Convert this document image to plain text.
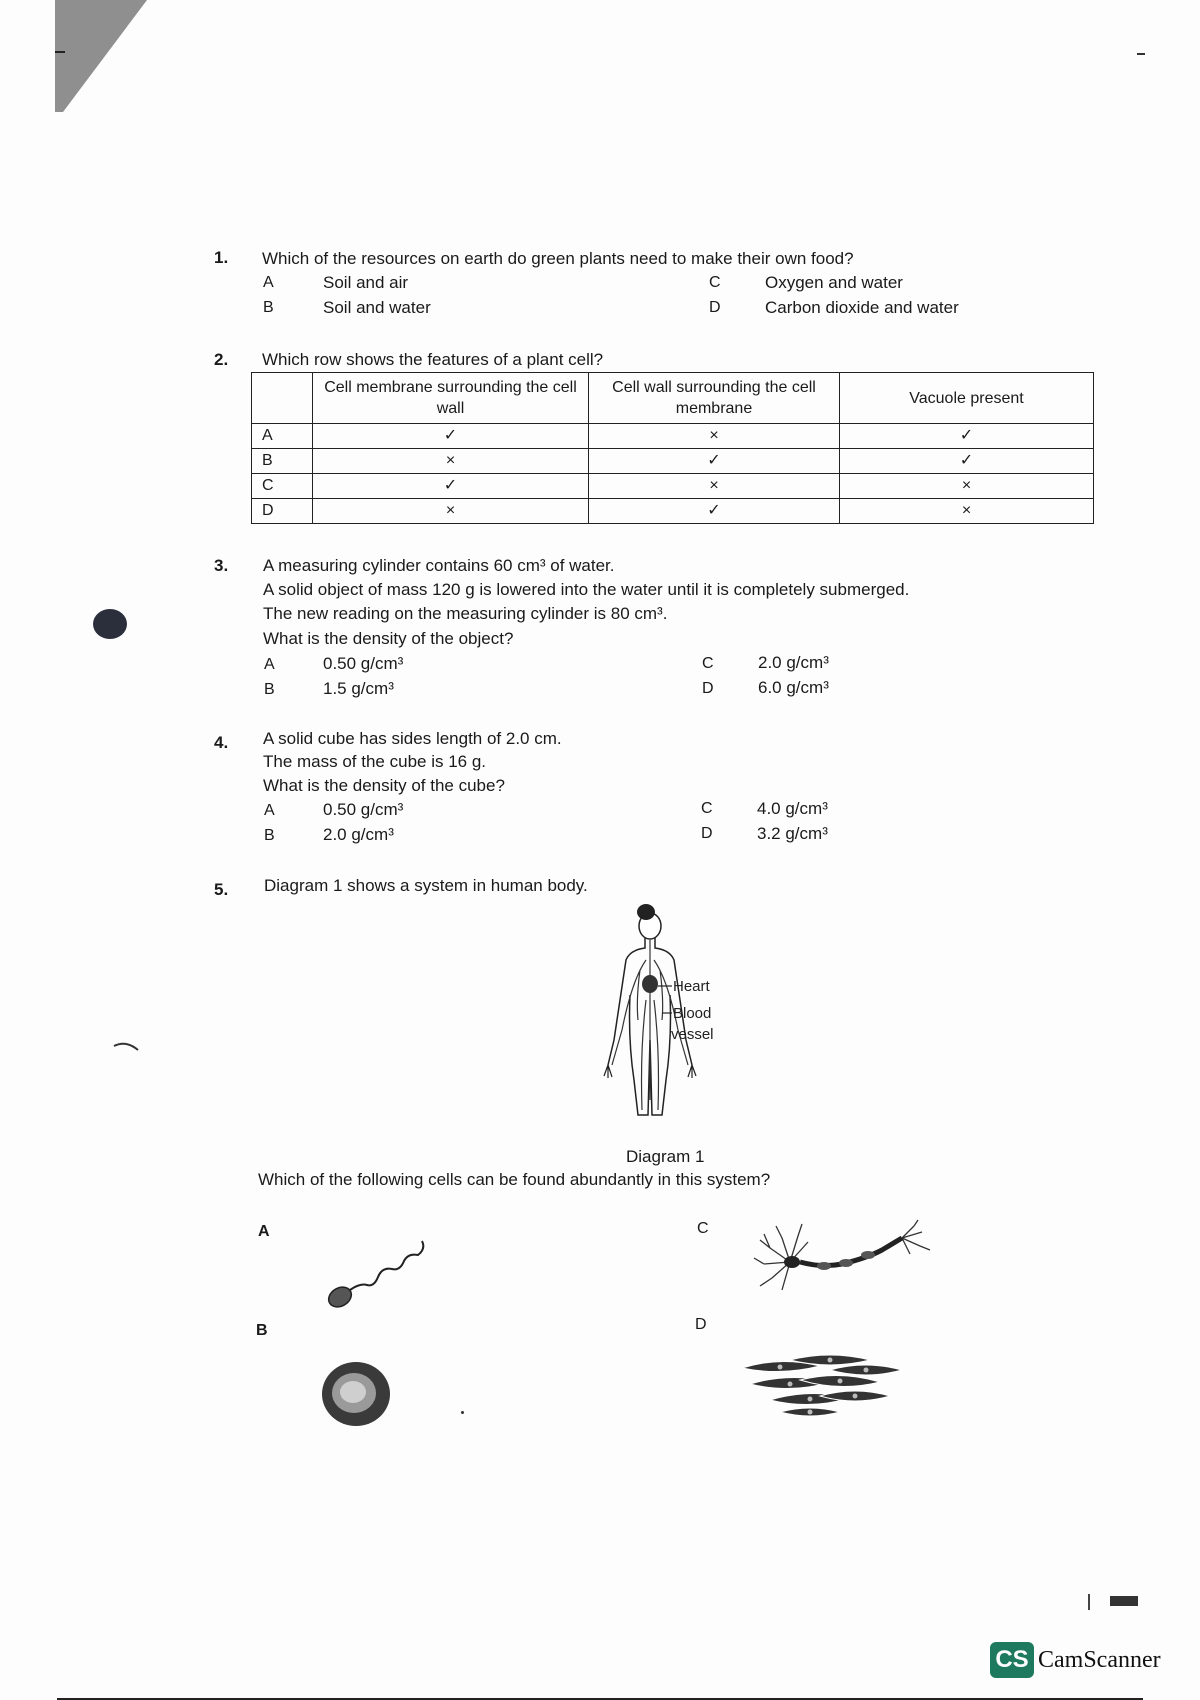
1. Which of the resources on earth do green plants need to make their own food?
A	Soil and air
B	Soil and water
C	Oxygen and water
D	Carbon dioxide and water
2. Which row shows the features of a plant cell?
	Cell membrane surrounding the cell wall	Cell wall surrounding the cell membrane	Vacuole present
A	✓	×	✓
B	×	✓	✓
C	✓	×	×
D	×	✓	×
3. A measuring cylinder contains 60 cm³ of water.
A solid object of mass 120 g is lowered into the water until it is completely submerged.
The new reading on the measuring cylinder is 80 cm³.
What is the density of the object?
A	0.50 g/cm³
B	1.5 g/cm³
C	2.0 g/cm³
D	6.0 g/cm³
4. A solid cube has sides length of 2.0 cm.
The mass of the cube is 16 g.
What is the density of the cube?
A	0.50 g/cm³
B	2.0 g/cm³
C	4.0 g/cm³
D	3.2 g/cm³
5. Diagram 1 shows a system in human body.
Heart
Blood
vessel
Diagram 1
Which of the following cells can be found abundantly in this system?
A
B
C
D
CS CamScanner
